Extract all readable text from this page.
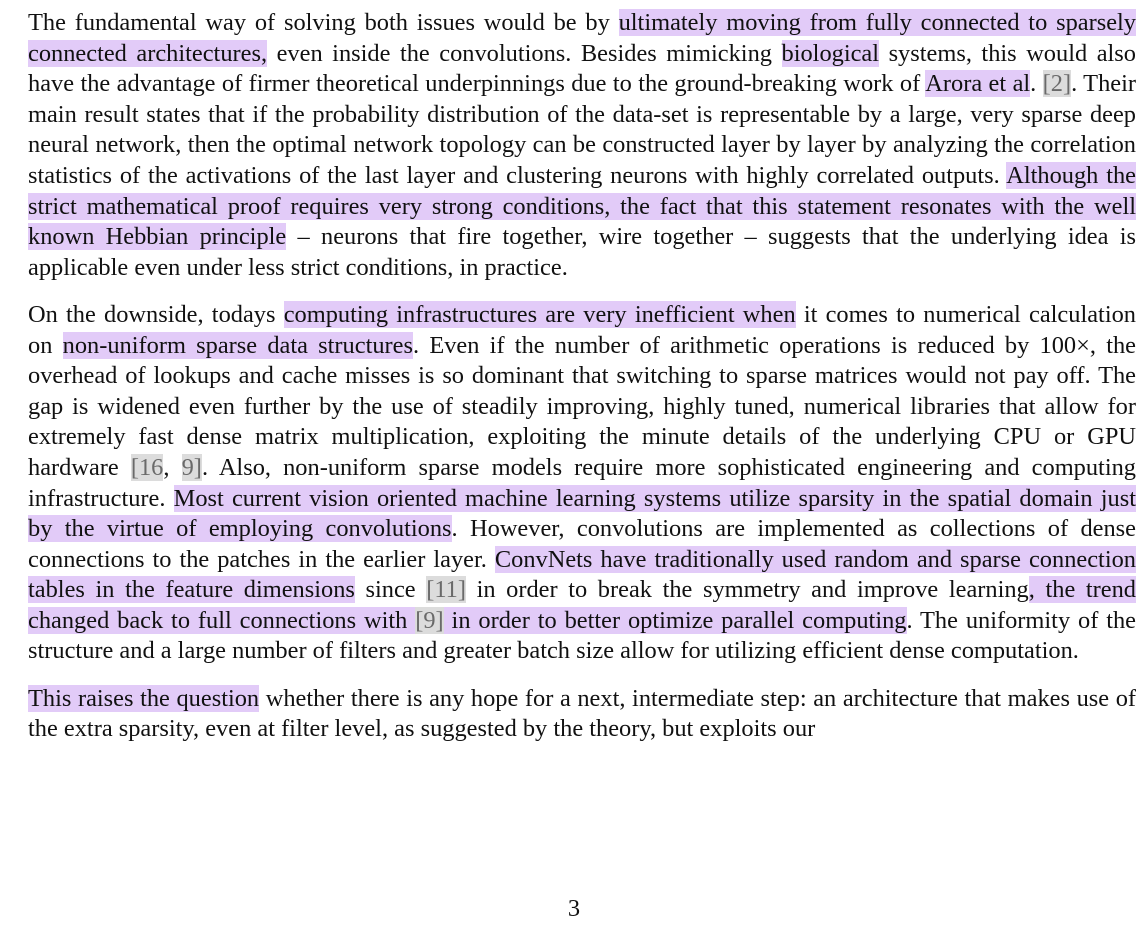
The fundamental way of solving both issues would be by ultimately moving from fully connected to sparsely connected architectures, even inside the convolutions. Besides mimicking biological systems, this would also have the advantage of firmer theoretical underpinnings due to the ground-breaking work of Arora et al. [2]. Their main result states that if the probability distribution of the data-set is representable by a large, very sparse deep neural network, then the optimal network topology can be constructed layer by layer by analyzing the correlation statistics of the activations of the last layer and clustering neurons with highly correlated outputs. Although the strict mathematical proof requires very strong conditions, the fact that this statement resonates with the well known Hebbian principle – neurons that fire together, wire together – suggests that the underlying idea is applicable even under less strict conditions, in practice.

On the downside, todays computing infrastructures are very inefficient when it comes to numerical calculation on non-uniform sparse data structures. Even if the number of arithmetic operations is reduced by 100×, the overhead of lookups and cache misses is so dominant that switching to sparse matrices would not pay off. The gap is widened even further by the use of steadily improving, highly tuned, numerical libraries that allow for extremely fast dense matrix multiplication, exploiting the minute details of the underlying CPU or GPU hardware [16, 9]. Also, non-uniform sparse models require more sophisticated engineering and computing infrastructure. Most current vision oriented machine learning systems utilize sparsity in the spatial domain just by the virtue of employing convolutions. However, convolutions are implemented as collections of dense connections to the patches in the earlier layer. ConvNets have traditionally used random and sparse connection tables in the feature dimensions since [11] in order to break the symmetry and improve learning, the trend changed back to full connections with [9] in order to better optimize parallel computing. The uniformity of the structure and a large number of filters and greater batch size allow for utilizing efficient dense computation.

This raises the question whether there is any hope for a next, intermediate step: an architecture that makes use of the extra sparsity, even at filter level, as suggested by the theory, but exploits our

3
